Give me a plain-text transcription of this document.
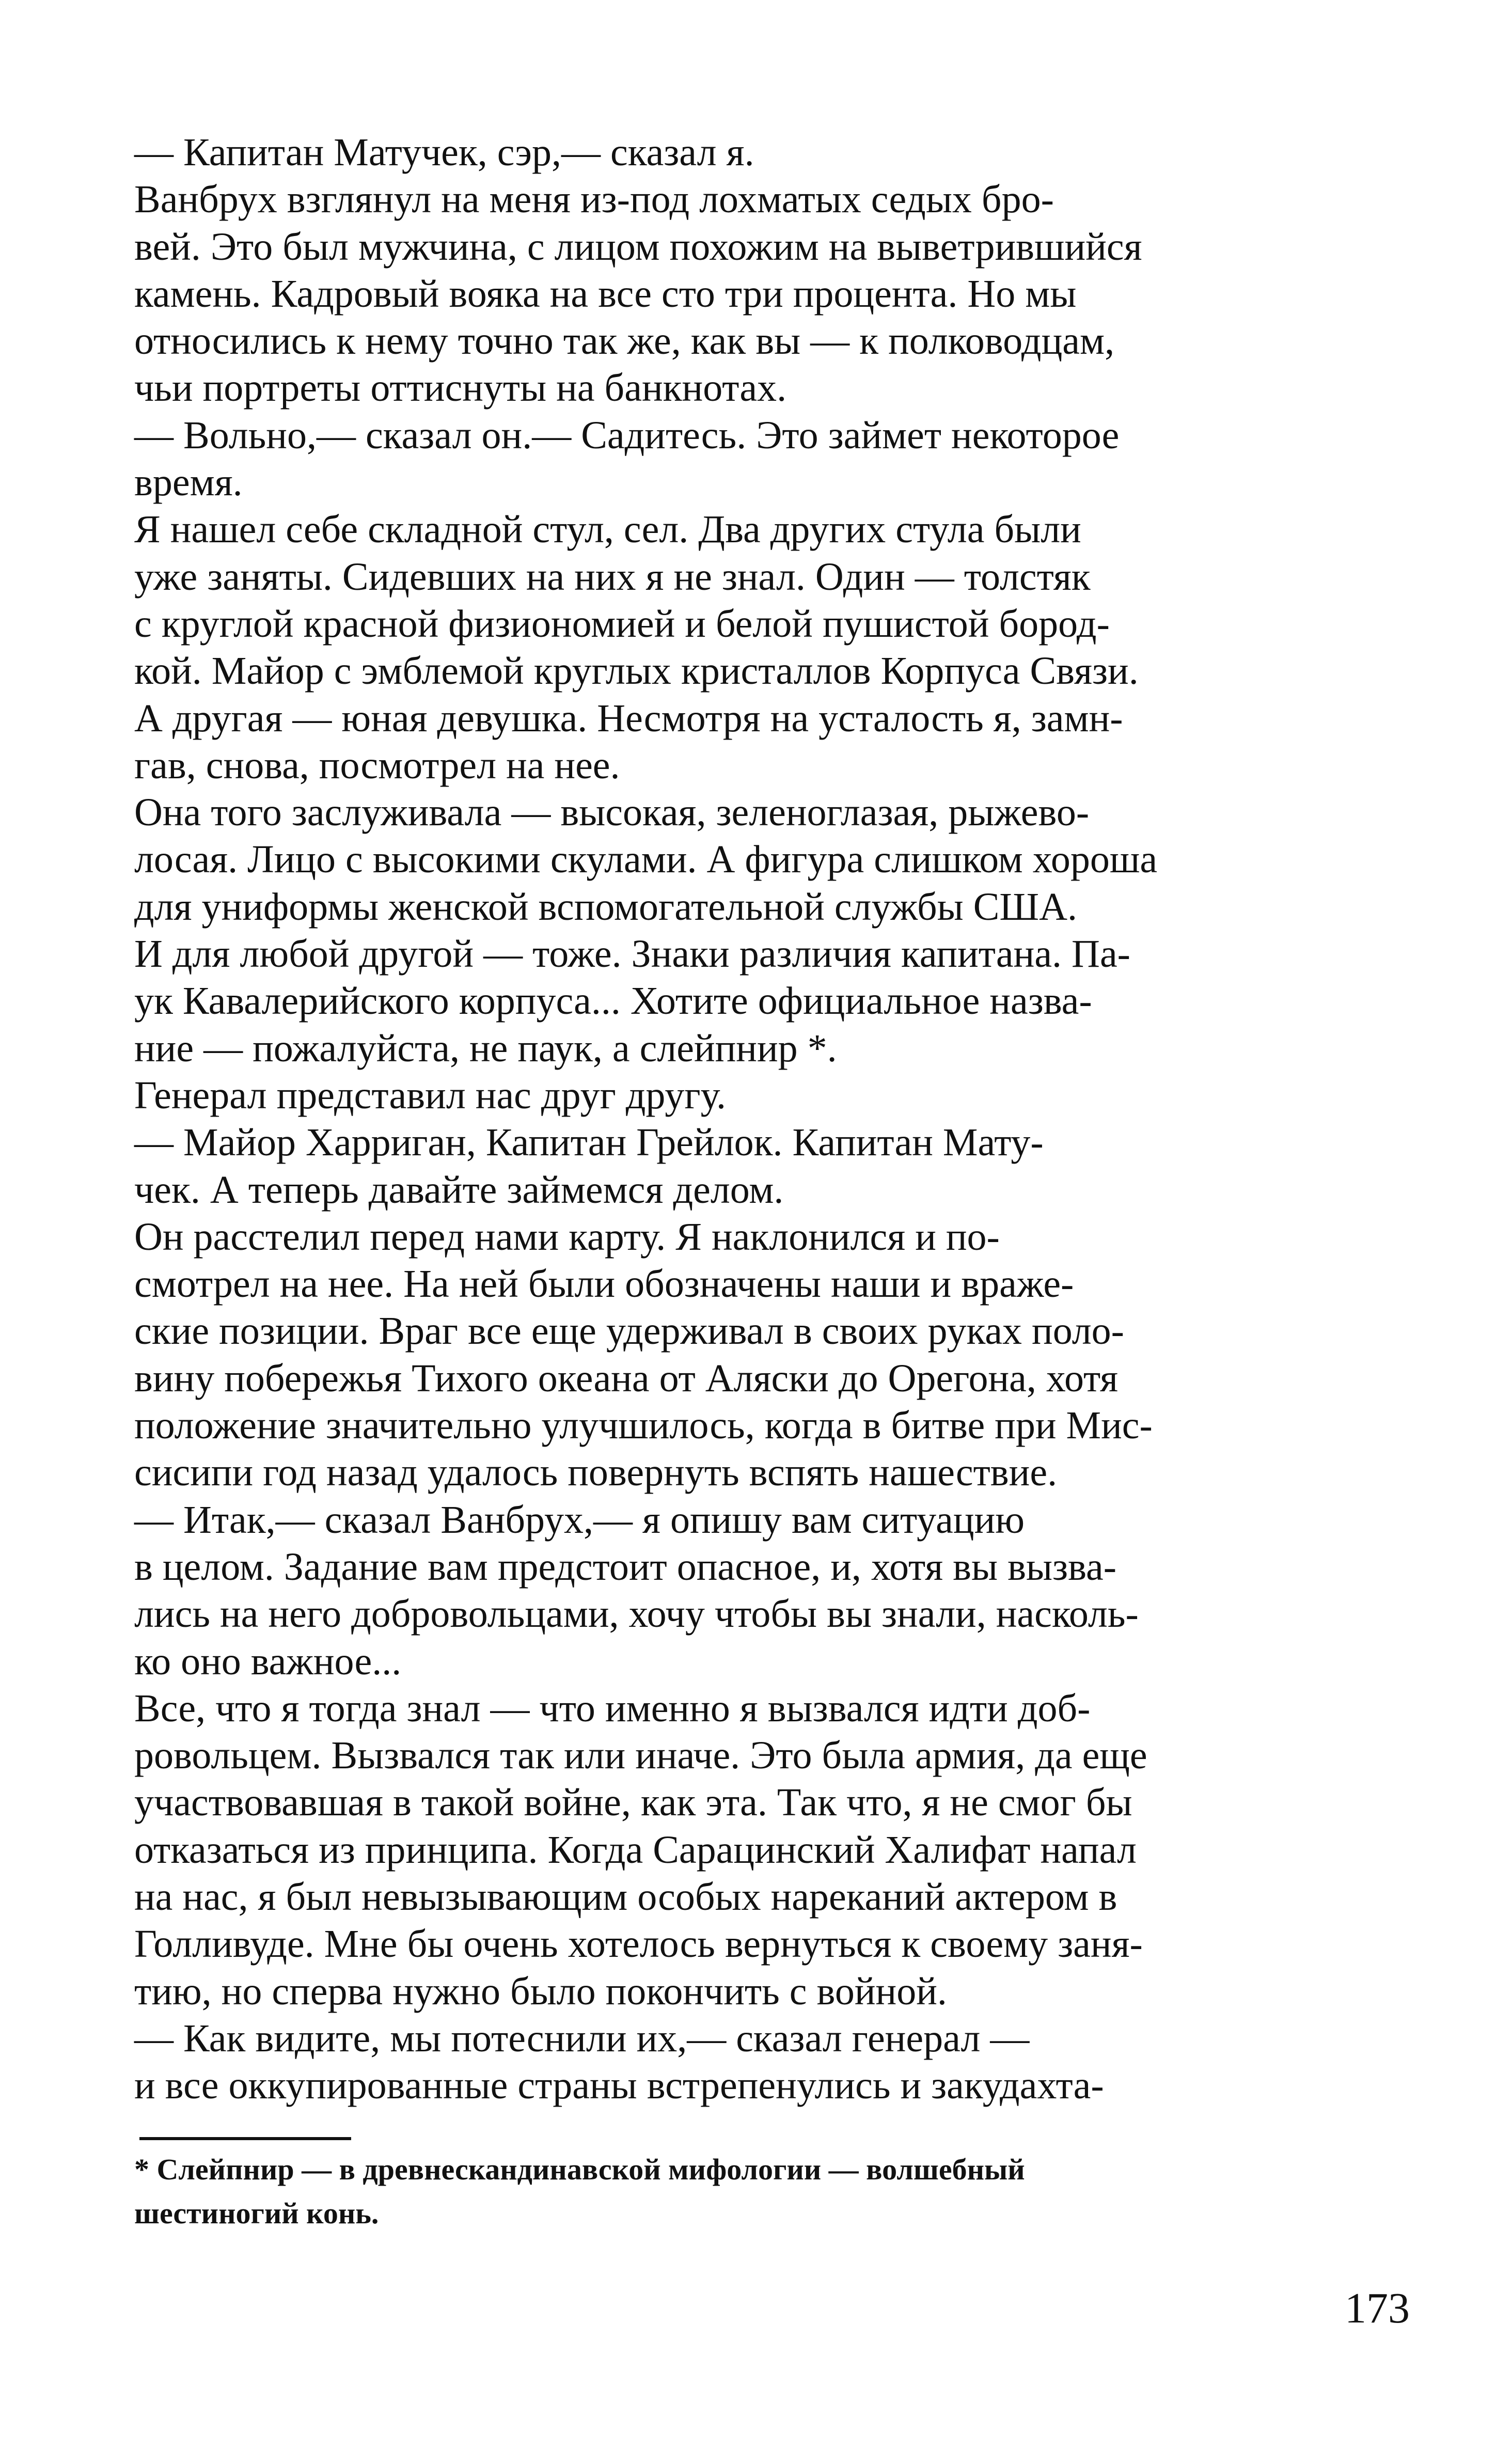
— Капитан Матучек, сэр,— сказал я.
Ванбрух взглянул на меня из-под лохматых седых бро-
вей. Это был мужчина, с лицом похожим на выветрившийся
камень. Кадровый вояка на все сто три процента. Но мы
относились к нему точно так же, как вы — к полководцам,
чьи портреты оттиснуты на банкнотах.
— Вольно,— сказал он.— Садитесь. Это займет некоторое
время.
Я нашел себе складной стул, сел. Два других стула были
уже заняты. Сидевших на них я не знал. Один — толстяк
с круглой красной физиономией и белой пушистой бород-
кой. Майор с эмблемой круглых кристаллов Корпуса Связи.
А другая — юная девушка. Несмотря на усталость я, замн-
гав, снова, посмотрел на нее.
Она того заслуживала — высокая, зеленоглазая, рыжево-
лосая. Лицо с высокими скулами. А фигура слишком хороша
для униформы женской вспомогательной службы США.
И для любой другой — тоже. Знаки различия капитана. Па-
ук Кавалерийского корпуса... Хотите официальное назва-
ние — пожалуйста, не паук, а слейпнир *.
Генерал представил нас друг другу.
— Майор Харриган, Капитан Грейлок. Капитан Мату-
чек. А теперь давайте займемся делом.
Он расстелил перед нами карту. Я наклонился и по-
смотрел на нее. На ней были обозначены наши и враже-
ские позиции. Враг все еще удерживал в своих руках поло-
вину побережья Тихого океана от Аляски до Орегона, хотя
положение значительно улучшилось, когда в битве при Мис-
сисипи год назад удалось повернуть вспять нашествие.
— Итак,— сказал Ванбрух,— я опишу вам ситуацию
в целом. Задание вам предстоит опасное, и, хотя вы вызва-
лись на него добровольцами, хочу чтобы вы знали, насколь-
ко оно важное...
Все, что я тогда знал — что именно я вызвался идти доб-
ровольцем. Вызвался так или иначе. Это была армия, да еще
участвовавшая в такой войне, как эта. Так что, я не смог бы
отказаться из принципа. Когда Сарацинский Халифат напал
на нас, я был невызывающим особых нареканий актером в
Голливуде. Мне бы очень хотелось вернуться к своему заня-
тию, но сперва нужно было покончить с войной.
— Как видите, мы потеснили их,— сказал генерал —
и все оккупированные страны встрепенулись и закудахта-
* Слейпнир — в древнескандинавской мифологии — волшебный
шестиногий конь.
173
